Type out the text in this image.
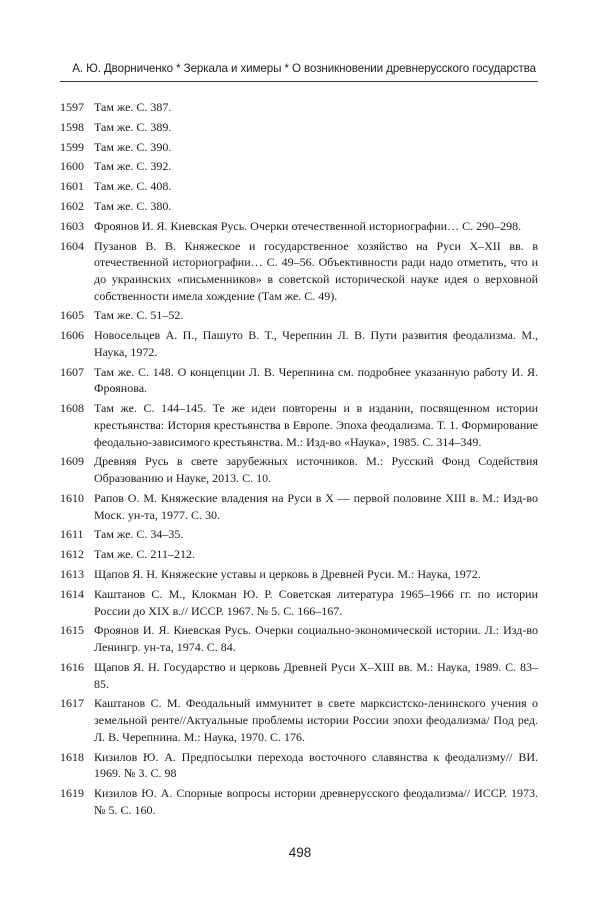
А. Ю. Дворниченко * Зеркала и химеры * О возникновении древнерусского государства
1597 Там же. С. 387.
1598 Там же. С. 389.
1599 Там же. С. 390.
1600 Там же. С. 392.
1601 Там же. С. 408.
1602 Там же. С. 380.
1603 Фроянов И. Я. Киевская Русь. Очерки отечественной историографии… С. 290–298.
1604 Пузанов В. В. Княжеское и государственное хозяйство на Руси X–XII вв. в отечественной историографии… С. 49–56. Объективности ради надо отметить, что и до украинских «письменников» в советской исторической науке идея о верховной собственности имела хождение (Там же. С. 49).
1605 Там же. С. 51–52.
1606 Новосельцев А. П., Пашуто В. Т., Черепнин Л. В. Пути развития феодализма. М., Наука, 1972.
1607 Там же. С. 148. О концепции Л. В. Черепнина см. подробнее указанную работу И. Я. Фроянова.
1608 Там же. С. 144–145. Те же идеи повторены и в издании, посвященном истории крестьянства: История крестьянства в Европе. Эпоха феодализма. Т. 1. Формирование феодально-зависимого крестьянства. М.: Изд-во «Наука», 1985. С. 314–349.
1609 Древняя Русь в свете зарубежных источников. М.: Русский Фонд Содействия Образованию и Науке, 2013. С. 10.
1610 Рапов О. М. Княжеские владения на Руси в X — первой половине XIII в. М.: Изд-во Моск. ун-та, 1977. С. 30.
1611 Там же. С. 34–35.
1612 Там же. С. 211–212.
1613 Щапов Я. Н. Княжеские уставы и церковь в Древней Руси. М.: Наука, 1972.
1614 Каштанов С. М., Клокман Ю. Р. Советская литература 1965–1966 гг. по истории России до XIX в.// ИССР. 1967. № 5. С. 166–167.
1615 Фроянов И. Я. Киевская Русь. Очерки социально-экономической истории. Л.: Изд-во Ленингр. ун-та, 1974. С. 84.
1616 Щапов Я. Н. Государство и церковь Древней Руси X–XIII вв. М.: Наука, 1989. С. 83–85.
1617 Каштанов С. М. Феодальный иммунитет в свете марксистско-ленинского учения о земельной ренте//Актуальные проблемы истории России эпохи феодализма/ Под ред. Л. В. Черепнина. М.: Наука, 1970. С. 176.
1618 Кизилов Ю. А. Предпосылки перехода восточного славянства к феодализму// ВИ. 1969. № 3. С. 98
1619 Кизилов Ю. А. Спорные вопросы истории древнерусского феодализма// ИССР. 1973. № 5. С. 160.
498
